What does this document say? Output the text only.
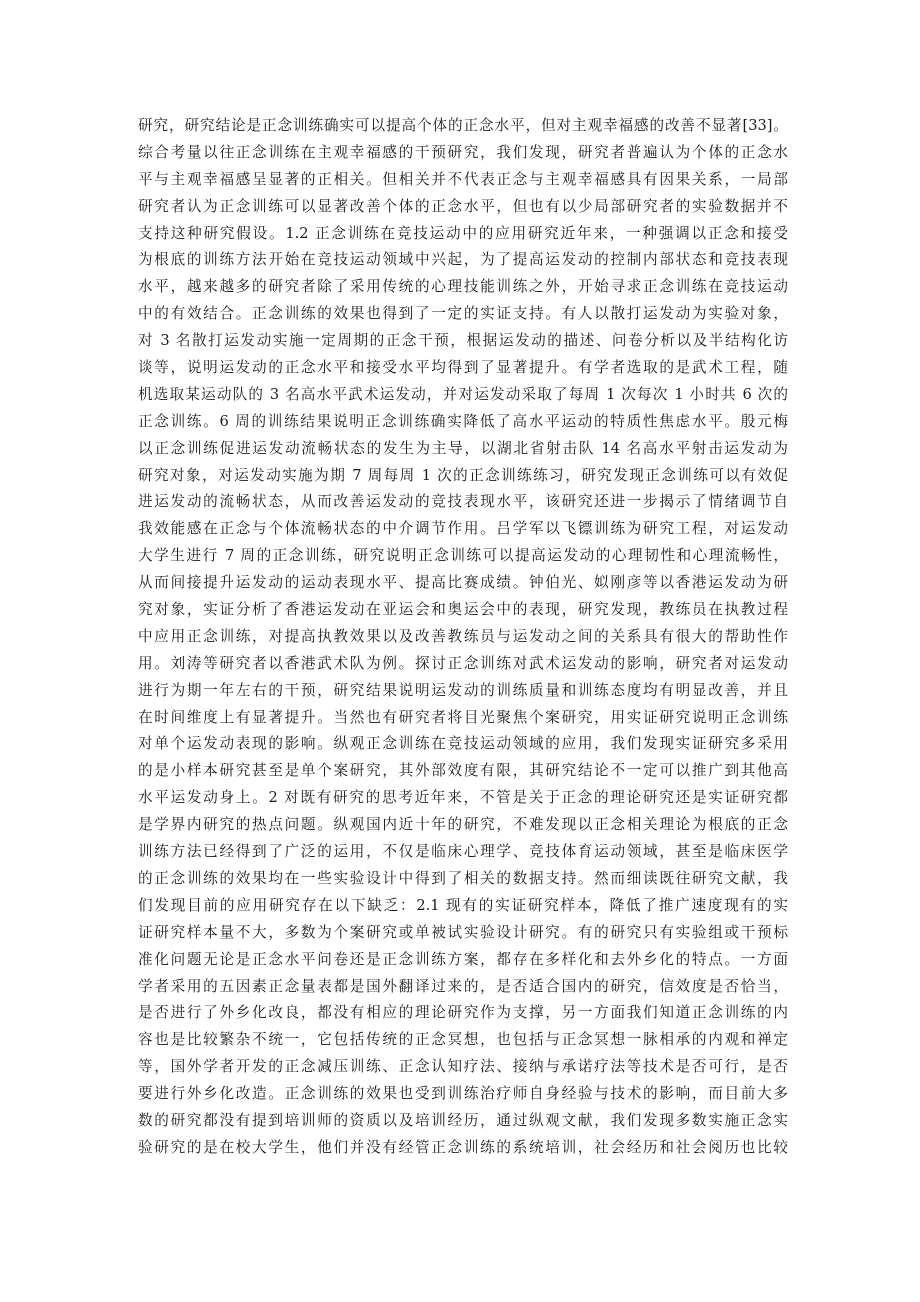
研究，研究结论是正念训练确实可以提高个体的正念水平，但对主观幸福感的改善不显著[33]。
综合考量以往正念训练在主观幸福感的干预研究，我们发现，研究者普遍认为个体的正念水
平与主观幸福感呈显著的正相关。但相关并不代表正念与主观幸福感具有因果关系，一局部
研究者认为正念训练可以显著改善个体的正念水平，但也有以少局部研究者的实验数据并不
支持这种研究假设。1.2 正念训练在竞技运动中的应用研究近年来，一种强调以正念和接受
为根底的训练方法开始在竞技运动领域中兴起，为了提高运发动的控制内部状态和竞技表现
水平，越来越多的研究者除了采用传统的心理技能训练之外，开始寻求正念训练在竞技运动
中的有效结合。正念训练的效果也得到了一定的实证支持。有人以散打运发动为实验对象，
对 3 名散打运发动实施一定周期的正念干预，根据运发动的描述、问卷分析以及半结构化访
谈等，说明运发动的正念水平和接受水平均得到了显著提升。有学者选取的是武术工程，随
机选取某运动队的 3 名高水平武术运发动，并对运发动采取了每周 1 次每次 1 小时共 6 次的
正念训练。6 周的训练结果说明正念训练确实降低了高水平运动的特质性焦虑水平。殷元梅
以正念训练促进运发动流畅状态的发生为主导，以湖北省射击队 14 名高水平射击运发动为
研究对象，对运发动实施为期 7 周每周 1 次的正念训练练习，研究发现正念训练可以有效促
进运发动的流畅状态，从而改善运发动的竞技表现水平，该研究还进一步揭示了情绪调节自
我效能感在正念与个体流畅状态的中介调节作用。吕学军以飞镖训练为研究工程，对运发动
大学生进行 7 周的正念训练，研究说明正念训练可以提高运发动的心理韧性和心理流畅性，
从而间接提升运发动的运动表现水平、提高比赛成绩。钟伯光、姒刚彦等以香港运发动为研
究对象，实证分析了香港运发动在亚运会和奥运会中的表现，研究发现，教练员在执教过程
中应用正念训练，对提高执教效果以及改善教练员与运发动之间的关系具有很大的帮助性作
用。刘涛等研究者以香港武术队为例。探讨正念训练对武术运发动的影响，研究者对运发动
进行为期一年左右的干预，研究结果说明运发动的训练质量和训练态度均有明显改善，并且
在时间维度上有显著提升。当然也有研究者将目光聚焦个案研究，用实证研究说明正念训练
对单个运发动表现的影响。纵观正念训练在竞技运动领域的应用，我们发现实证研究多采用
的是小样本研究甚至是单个案研究，其外部效度有限，其研究结论不一定可以推广到其他高
水平运发动身上。2 对既有研究的思考近年来，不管是关于正念的理论研究还是实证研究都
是学界内研究的热点问题。纵观国内近十年的研究，不难发现以正念相关理论为根底的正念
训练方法已经得到了广泛的运用，不仅是临床心理学、竞技体育运动领域，甚至是临床医学
的正念训练的效果均在一些实验设计中得到了相关的数据支持。然而细读既往研究文献，我
们发现目前的应用研究存在以下缺乏：2.1 现有的实证研究样本，降低了推广速度现有的实
证研究样本量不大，多数为个案研究或单被试实验设计研究。有的研究只有实验组或干预标
准化问题无论是正念水平问卷还是正念训练方案，都存在多样化和去外乡化的特点。一方面
学者采用的五因素正念量表都是国外翻译过来的，是否适合国内的研究，信效度是否恰当，
是否进行了外乡化改良，都没有相应的理论研究作为支撑，另一方面我们知道正念训练的内
容也是比较繁杂不统一，它包括传统的正念冥想，也包括与正念冥想一脉相承的内观和禅定
等，国外学者开发的正念减压训练、正念认知疗法、接纳与承诺疗法等技术是否可行，是否
要进行外乡化改造。正念训练的效果也受到训练治疗师自身经验与技术的影响，而目前大多
数的研究都没有提到培训师的资质以及培训经历，通过纵观文献，我们发现多数实施正念实
验研究的是在校大学生，他们并没有经管正念训练的系统培训，社会经历和社会阅历也比较
